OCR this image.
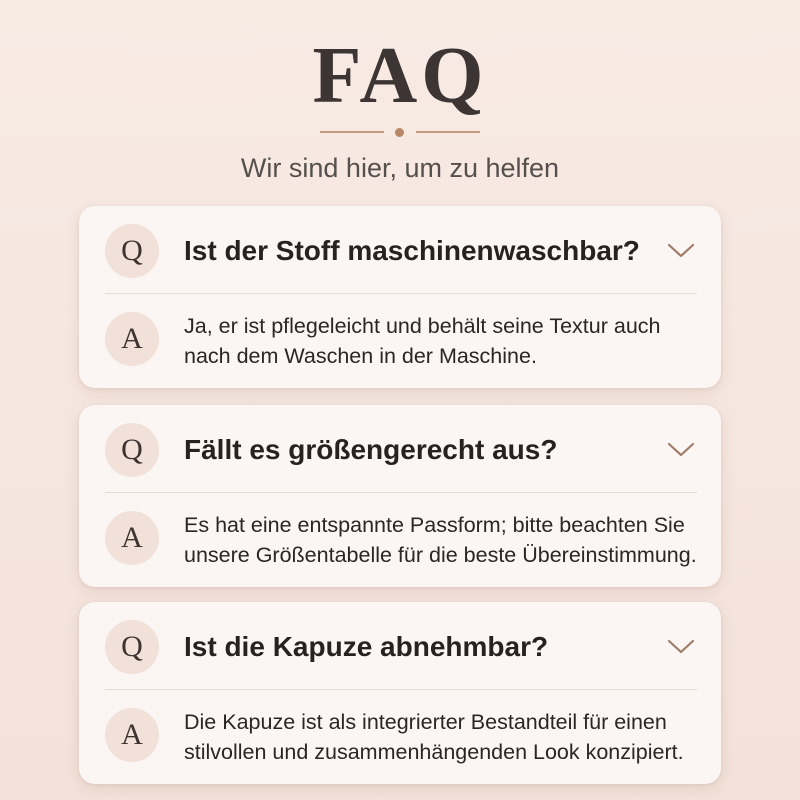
FAQ

Wir sind hier, um zu helfen

Q	Ist der Stoff maschinenwaschbar?
A	Ja, er ist pflegeleicht und behält seine Textur auch
nach dem Waschen in der Maschine.
Q	Fällt es größengerecht aus?
A	Es hat eine entspannte Passform; bitte beachten Sie
unsere Größentabelle für die beste Übereinstimmung.
Q	Ist die Kapuze abnehmbar?
A	Die Kapuze ist als integrierter Bestandteil für einen
stilvollen und zusammenhängenden Look konzipiert.
